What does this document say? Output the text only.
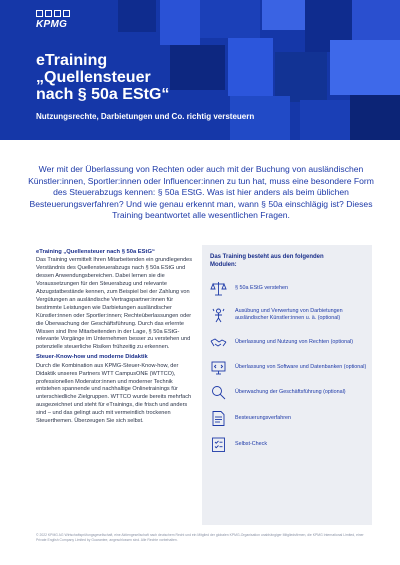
KPMG
eTraining
„Quellensteuer
nach § 50a EStG“
Nutzungsrechte, Darbietungen und Co. richtig versteuern
Wer mit der Überlassung von Rechten oder auch mit der Buchung von ausländischen Künstler:innen, Sportler:innen oder Influencer:innen zu tun hat, muss eine besondere Form des Steuerabzugs kennen: § 50a EStG. Was ist hier anders als beim üblichen Besteuerungsverfahren? Und wie genau erkennt man, wann § 50a einschlägig ist? Dieses Training beantwortet alle wesentlichen Fragen.
eTraining „Quellensteuer nach § 50a EStG“

Das Training vermittelt Ihren Mitarbeitenden ein grundlegendes Verständnis des Quellensteuerabzugs nach § 50a EStG und dessen Anwendungsbereichen. Dabei lernen sie die Voraussetzungen für den Steuerabzug und relevante Abzugstatbestände kennen, zum Beispiel bei der Zahlung von Vergütungen an ausländische Vertragspartner:innen für bestimmte Leistungen wie Darbietungen ausländischer Künstler:innen oder Sportler:innen; Rechteüberlassungen oder die Überwachung der Geschäftsführung. Durch das erlernte Wissen sind Ihre Mitarbeitenden in der Lage, § 50a EStG-relevante Vorgänge im Unternehmen besser zu verstehen und potenzielle steuerliche Risiken frühzeitig zu erkennen.

Steuer-Know-how und moderne Didaktik

Durch die Kombination aus KPMG-Steuer-Know-how, der Didaktik unseres Partners WTT CampusONE (WTTCO), professionellen Moderator:innen und moderner Technik entstehen spannende und nachhaltige Onlinetrainings für unterschiedliche Zielgruppen. WTTCO wurde bereits mehrfach ausgezeichnet und steht für eTrainings, die frisch und anders sind – und das gelingt auch mit vermeintlich trockenen Steuerthemen. Überzeugen Sie sich selbst.

Das Training besteht aus den folgenden Modulen:
§ 50a EStG verstehen
Ausübung und Verwertung von Darbietungen ausländischer Künstler:innen u. ä. (optional)
Überlassung und Nutzung von Rechten (optional)
Überlassung von Software und Datenbanken (optional)
Überwachung der Geschäftsführung (optional)
Besteuerungsverfahren
Selbst-Check
© 2022 KPMG AG Wirtschaftsprüfungsgesellschaft, eine Aktiengesellschaft nach deutschem Recht und ein Mitglied der globalen KPMG-Organisation unabhängiger Mitgliedsfirmen, die KPMG International Limited, einer Private English Company Limited by Guarantee, angeschlossen sind. Alle Rechte vorbehalten.
